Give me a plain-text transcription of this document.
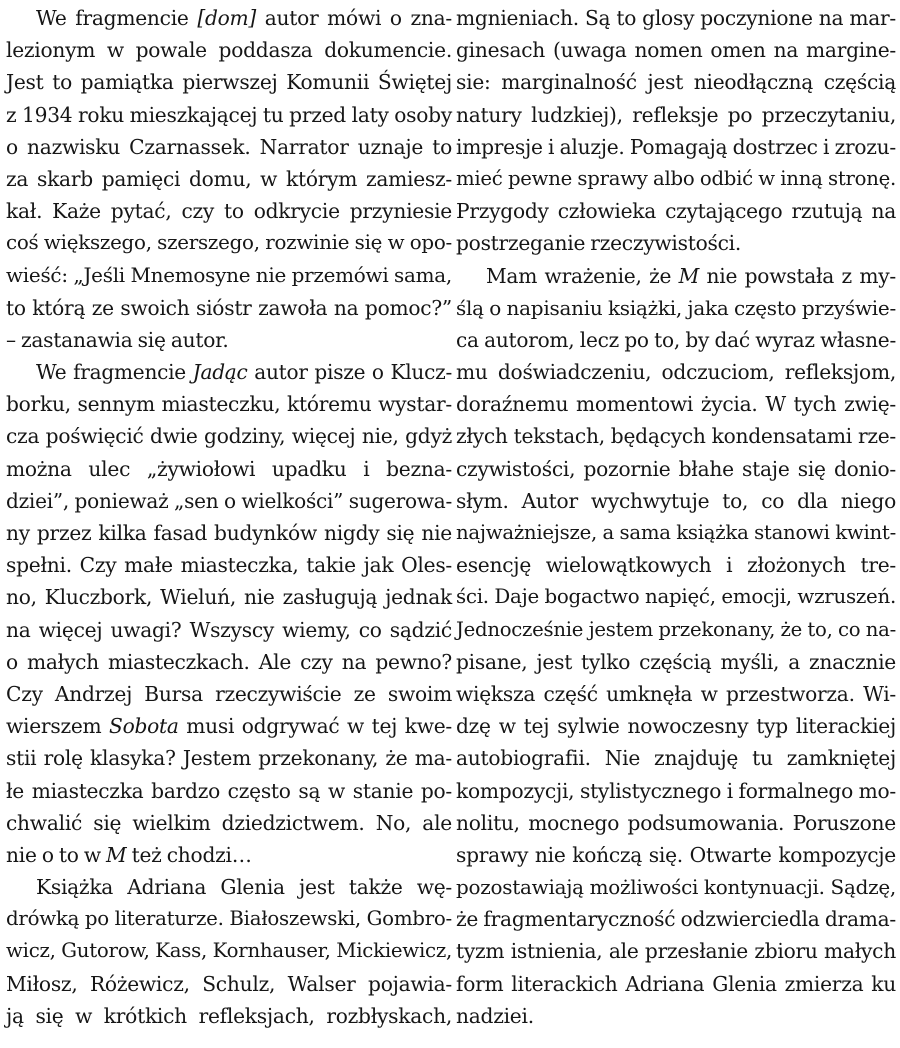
We fragmencie [dom] autor mówi o zna-
lezionym w powale poddasza dokumencie.
Jest to pamiątka pierwszej Komunii Świętej
z 1934 roku mieszkającej tu przed laty osoby
o nazwisku Czarnassek. Narrator uznaje to
za skarb pamięci domu, w którym zamiesz-
kał. Każe pytać, czy to odkrycie przyniesie
coś większego, szerszego, rozwinie się w opo-
wieść: „Jeśli Mnemosyne nie przemówi sama,
to którą ze swoich sióstr zawoła na pomoc?”
– zastanawia się autor.
We fragmencie Jadąc autor pisze o Klucz-
borku, sennym miasteczku, któremu wystar-
cza poświęcić dwie godziny, więcej nie, gdyż
można ulec „żywiołowi upadku i bezna-
dziei”, ponieważ „sen o wielkości” sugerowa-
ny przez kilka fasad budynków nigdy się nie
spełni. Czy małe miasteczka, takie jak Oles-
no, Kluczbork, Wieluń, nie zasługują jednak
na więcej uwagi? Wszyscy wiemy, co sądzić
o małych miasteczkach. Ale czy na pewno?
Czy Andrzej Bursa rzeczywiście ze swoim
wierszem Sobota musi odgrywać w tej kwe-
stii rolę klasyka? Jestem przekonany, że ma-
łe miasteczka bardzo często są w stanie po-
chwalić się wielkim dziedzictwem. No, ale
nie o to w M też chodzi…
Książka Adriana Glenia jest także wę-
drówką po literaturze. Białoszewski, Gombro-
wicz, Gutorow, Kass, Kornhauser, Mickiewicz,
Miłosz, Różewicz, Schulz, Walser pojawia-
ją się w krótkich refleksjach, rozbłyskach,
mgnieniach. Są to glosy poczynione na mar-
ginesach (uwaga nomen omen na margine-
sie: marginalność jest nieodłączną częścią
natury ludzkiej), refleksje po przeczytaniu,
impresje i aluzje. Pomagają dostrzec i zrozu-
mieć pewne sprawy albo odbić w inną stronę.
Przygody człowieka czytającego rzutują na
postrzeganie rzeczywistości.
Mam wrażenie, że M nie powstała z my-
ślą o napisaniu książki, jaka często przyświe-
ca autorom, lecz po to, by dać wyraz własne-
mu doświadczeniu, odczuciom, refleksjom,
doraźnemu momentowi życia. W tych zwię-
złych tekstach, będących kondensatami rze-
czywistości, pozornie błahe staje się donio-
słym. Autor wychwytuje to, co dla niego
najważniejsze, a sama książka stanowi kwint-
esencję wielowątkowych i złożonych tre-
ści. Daje bogactwo napięć, emocji, wzruszeń.
Jednocześnie jestem przekonany, że to, co na-
pisane, jest tylko częścią myśli, a znacznie
większa część umknęła w przestworza. Wi-
dzę w tej sylwie nowoczesny typ literackiej
autobiografii. Nie znajduję tu zamkniętej
kompozycji, stylistycznego i formalnego mo-
nolitu, mocnego podsumowania. Poruszone
sprawy nie kończą się. Otwarte kompozycje
pozostawiają możliwości kontynuacji. Sądzę,
że fragmentaryczność odzwierciedla drama-
tyzm istnienia, ale przesłanie zbioru małych
form literackich Adriana Glenia zmierza ku
nadziei.
